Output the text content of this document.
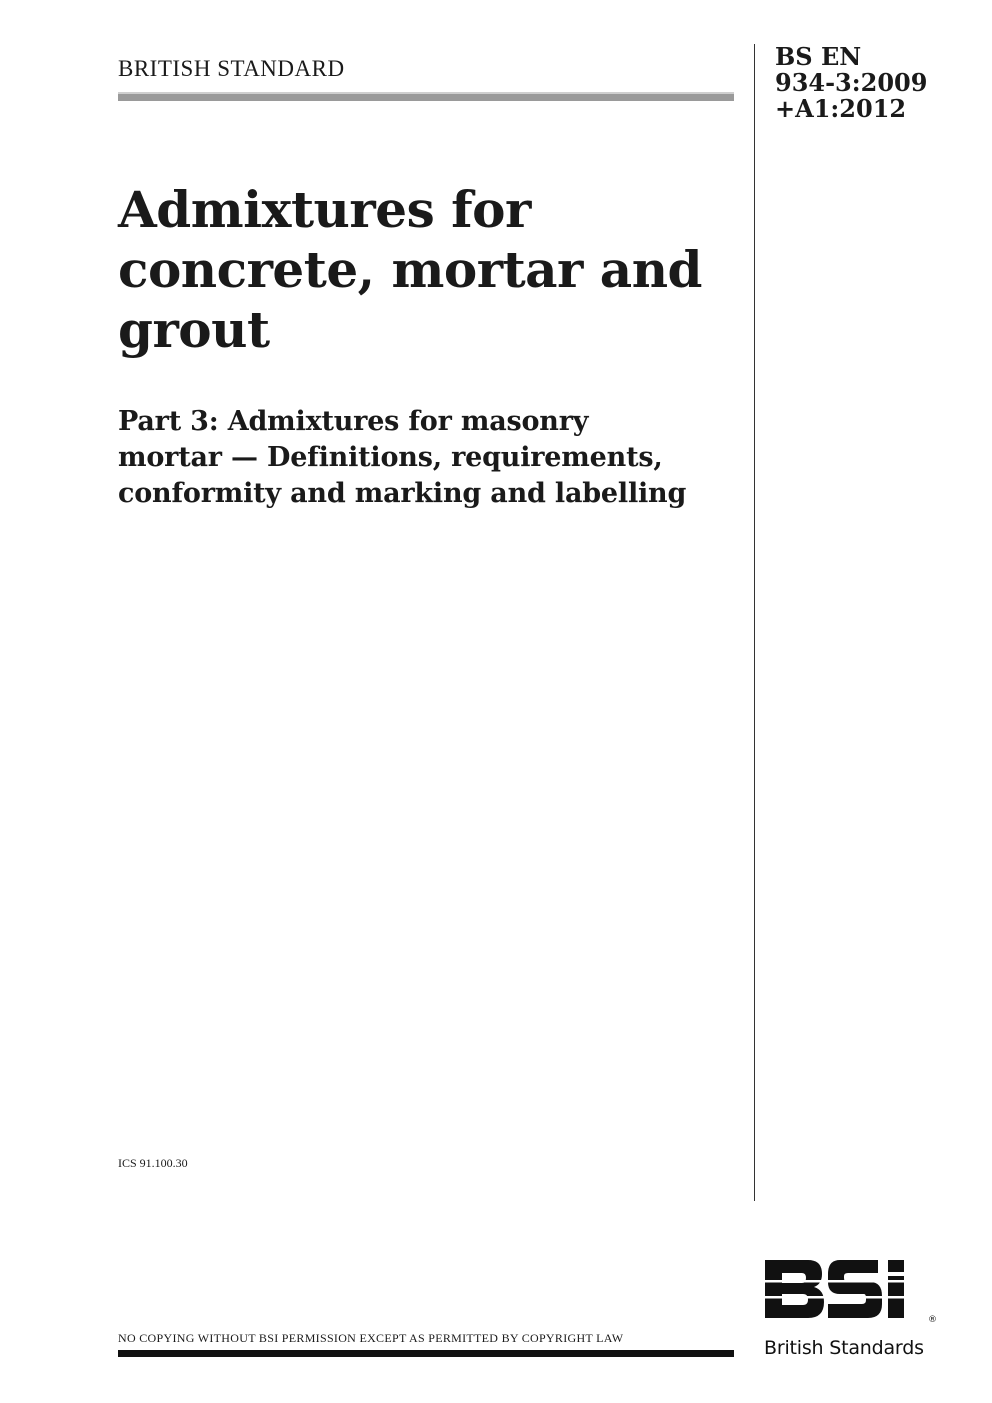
BRITISH STANDARD	BS EN
934-3:2009
+A1:2012
Admixtures for
concrete, mortar and
grout
Part 3: Admixtures for masonry
mortar — Definitions, requirements,
conformity and marking and labelling
ICS 91.100.30
NO COPYING WITHOUT BSI PERMISSION EXCEPT AS PERMITTED BY COPYRIGHT LAW
®
British Standards
